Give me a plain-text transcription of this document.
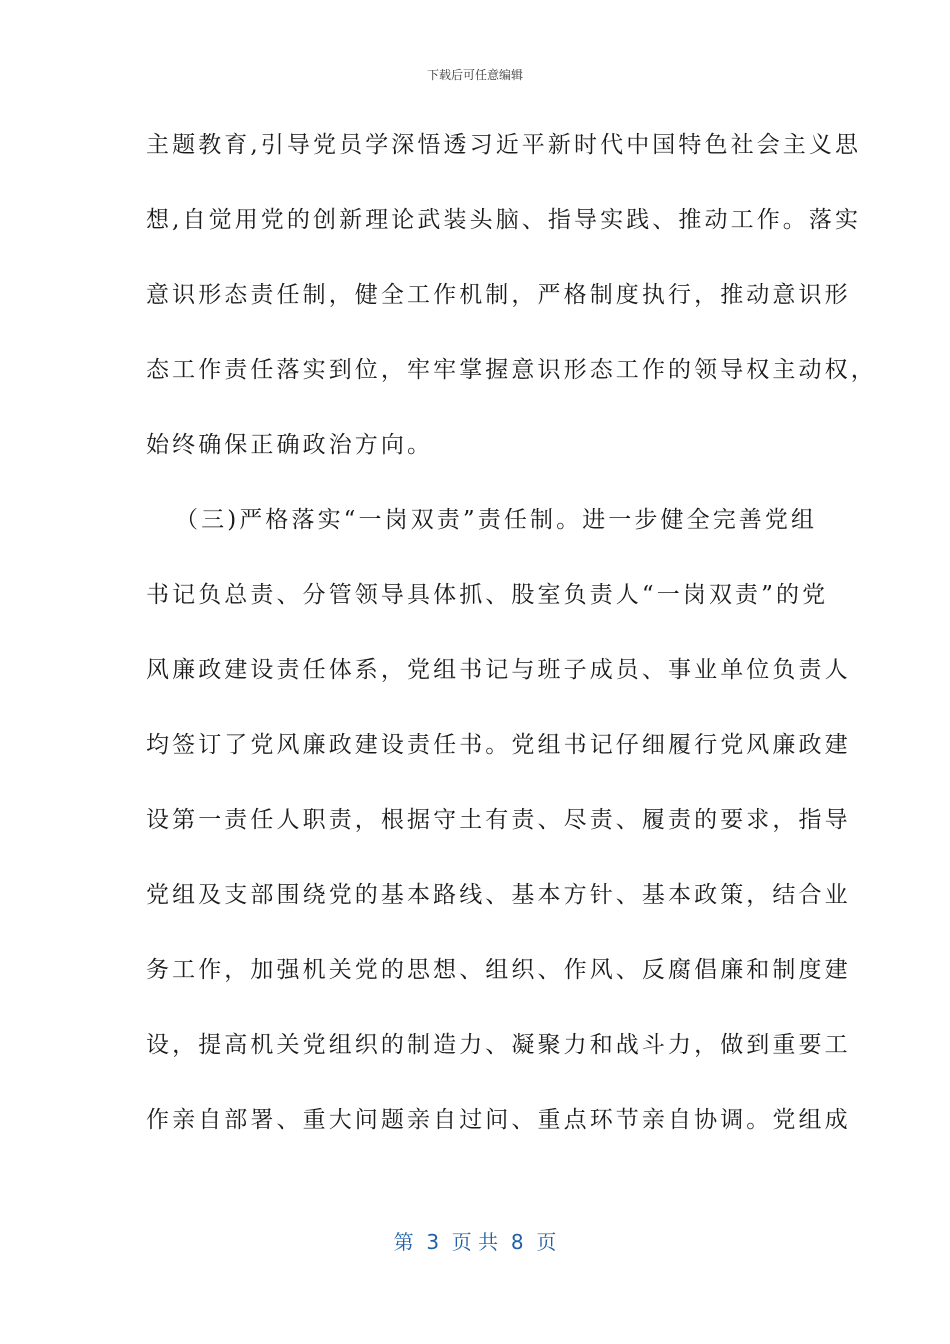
下载后可任意编辑
主题教育,引导党员学深悟透习近平新时代中国特色社会主义思
想,自觉用党的创新理论武装头脑、指导实践、推动工作。落实
意识形态责任制，健全工作机制，严格制度执行，推动意识形
态工作责任落实到位，牢牢掌握意识形态工作的领导权主动权，
始终确保正确政治方向。
（三)严格落实“一岗双责”责任制。进一步健全完善党组
书记负总责、分管领导具体抓、股室负责人“一岗双责”的党
风廉政建设责任体系，党组书记与班子成员、事业单位负责人
均签订了党风廉政建设责任书。党组书记仔细履行党风廉政建
设第一责任人职责，根据守土有责、尽责、履责的要求，指导
党组及支部围绕党的基本路线、基本方针、基本政策，结合业
务工作，加强机关党的思想、组织、作风、反腐倡廉和制度建
设，提高机关党组织的制造力、凝聚力和战斗力，做到重要工
作亲自部署、重大问题亲自过问、重点环节亲自协调。党组成
第  3  页 共  8  页
